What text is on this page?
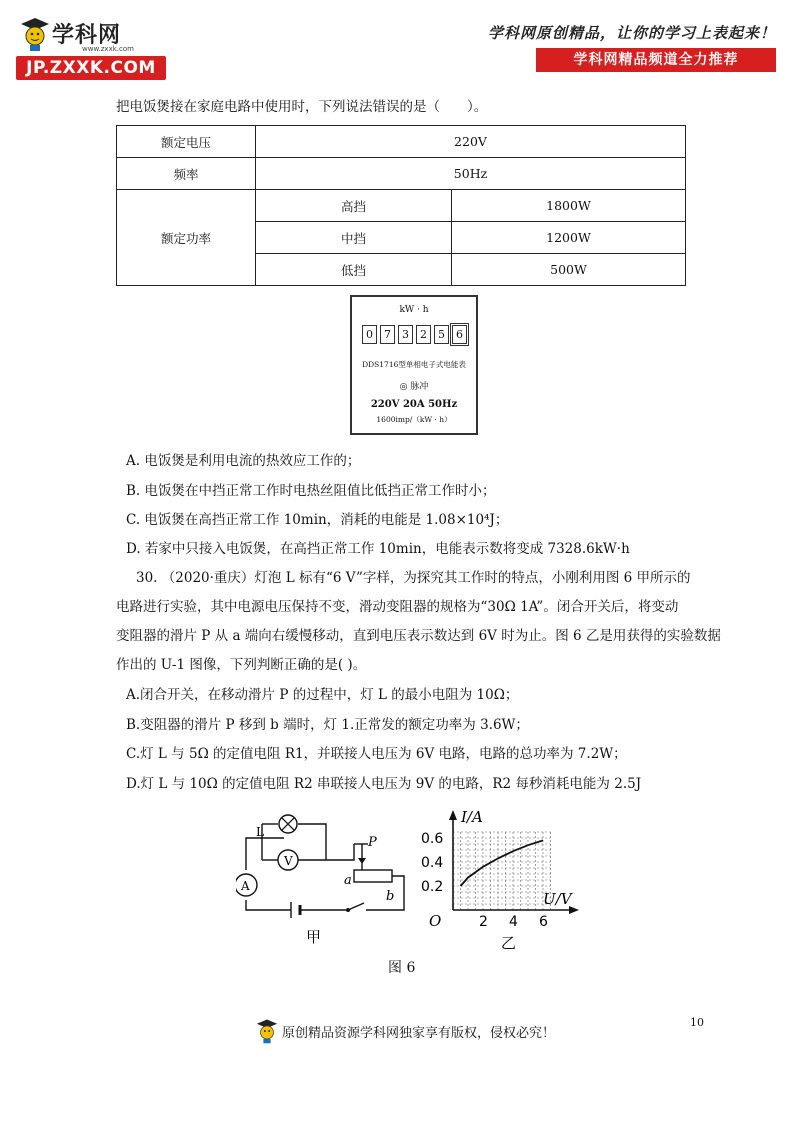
学科网
www.zxxk.com
JP.ZXXK.COM
学科网原创精品，让你的学习上表起来！
学科网精品频道全力推荐
把电饭煲接在家庭电路中使用时，下列说法错误的是（　　）。
额定电压	220V	
频率	50Hz	
额定功率	高挡	1800W
	中挡	1200W
	低挡	500W
kW · h
0	7	3	2	5	6
DDS1716型单相电子式电能表
◎ 脉冲
220V 20A 50Hz
1600imp/（kW · h）
A. 电饭煲是利用电流的热效应工作的；
B. 电饭煲在中挡正常工作时电热丝阻值比低挡正常工作时小；
C. 电饭煲在高挡正常工作 10min，消耗的电能是 1.08×10⁴J；
D. 若家中只接入电饭煲，在高挡正常工作 10min，电能表示数将变成 7328.6kW·h
30. （2020·重庆）灯泡 L 标有“6 V”字样，为探究其工作时的特点，小刚利用图 6 甲所示的
电路进行实验，其中电源电压保持不变，滑动变阻器的规格为“30Ω 1A”。闭合开关后，将变动
变阻器的滑片 P 从 a 端向右缓慢移动，直到电压表示数达到 6V 时为止。图 6 乙是用获得的实验数据
作出的 U-1 图像，下列判断正确的是( )。
A.闭合开关，在移动滑片 P 的过程中，灯 L 的最小电阻为 10Ω；
B.变阻器的滑片 P 移到 b 端时，灯 1.正常发的额定功率为 3.6W；
C.灯 L 与 5Ω 的定值电阻 R1，并联接人电压为 6V 电路，电路的总功率为 7.2W；
D.灯 L 与 10Ω 的定值电阻 R2 串联接人电压为 9V 的电路，R2 每秒消耗电能为 2.5J
L
V
A
P
a
b
甲
2 4 6
0.2
0.4
0.6
I/A
U/V
O
乙
图 6
10
原创精品资源学科网独家享有版权，侵权必究！
